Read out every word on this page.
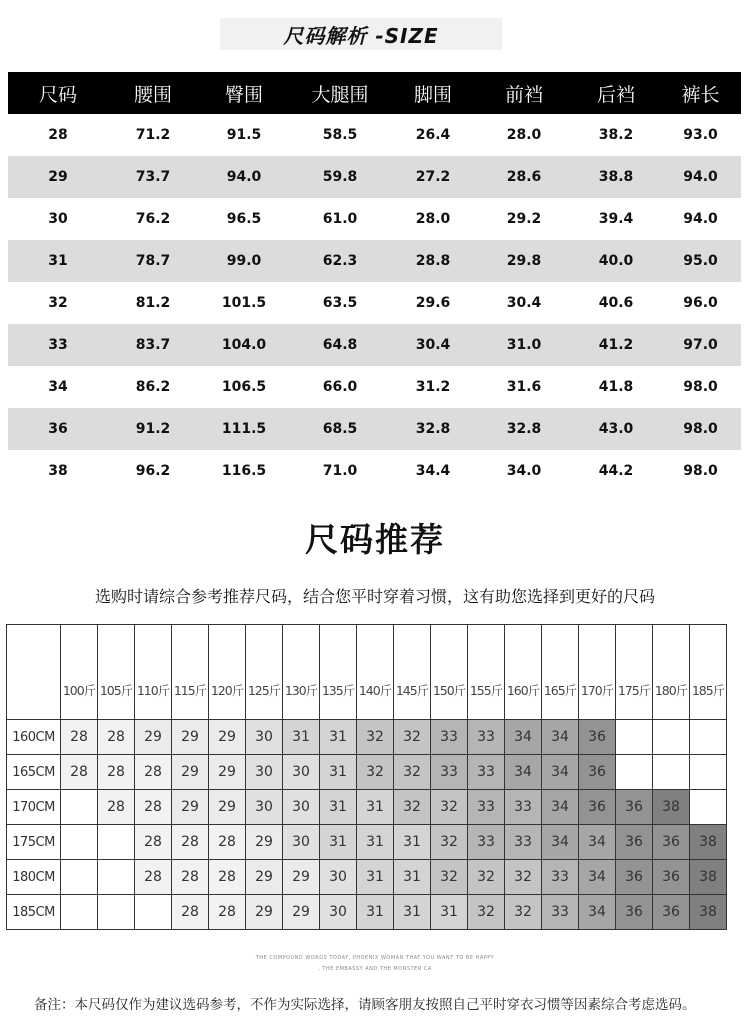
尺码解析 -SIZE
尺码	腰围	臀围	大腿围	脚围	前裆	后裆	裤长
28	71.2	91.5	58.5	26.4	28.0	38.2	93.0
29	73.7	94.0	59.8	27.2	28.6	38.8	94.0
30	76.2	96.5	61.0	28.0	29.2	39.4	94.0
31	78.7	99.0	62.3	28.8	29.8	40.0	95.0
32	81.2	101.5	63.5	29.6	30.4	40.6	96.0
33	83.7	104.0	64.8	30.4	31.0	41.2	97.0
34	86.2	106.5	66.0	31.2	31.6	41.8	98.0
36	91.2	111.5	68.5	32.8	32.8	43.0	98.0
38	96.2	116.5	71.0	34.4	34.0	44.2	98.0
尺码推荐
选购时请综合参考推荐尺码，结合您平时穿着习惯，这有助您选择到更好的尺码
	100斤	105斤	110斤	115斤	120斤	125斤	130斤	135斤	140斤	145斤	150斤	155斤	160斤	165斤	170斤	175斤	180斤	185斤
160CM	28	28	29	29	29	30	31	31	32	32	33	33	34	34	36			
165CM	28	28	28	29	29	30	30	31	32	32	33	33	34	34	36			
170CM		28	28	29	29	30	30	31	31	32	32	33	33	34	36	36	38	
175CM			28	28	28	29	30	31	31	31	32	33	33	34	34	36	36	38
180CM			28	28	28	29	29	30	31	31	32	32	32	33	34	36	36	38
185CM				28	28	29	29	30	31	31	31	32	32	33	34	36	36	38
THE COMPOUND WORDS TODAY, PHOENIX WOMAN THAT YOU WANT TO BE HAPPY
, THE EMBASSY AND THE MONSTER CA
备注：本尺码仅作为建议选码参考，不作为实际选择，请顾客朋友按照自己平时穿衣习惯等因素综合考虑选码。
